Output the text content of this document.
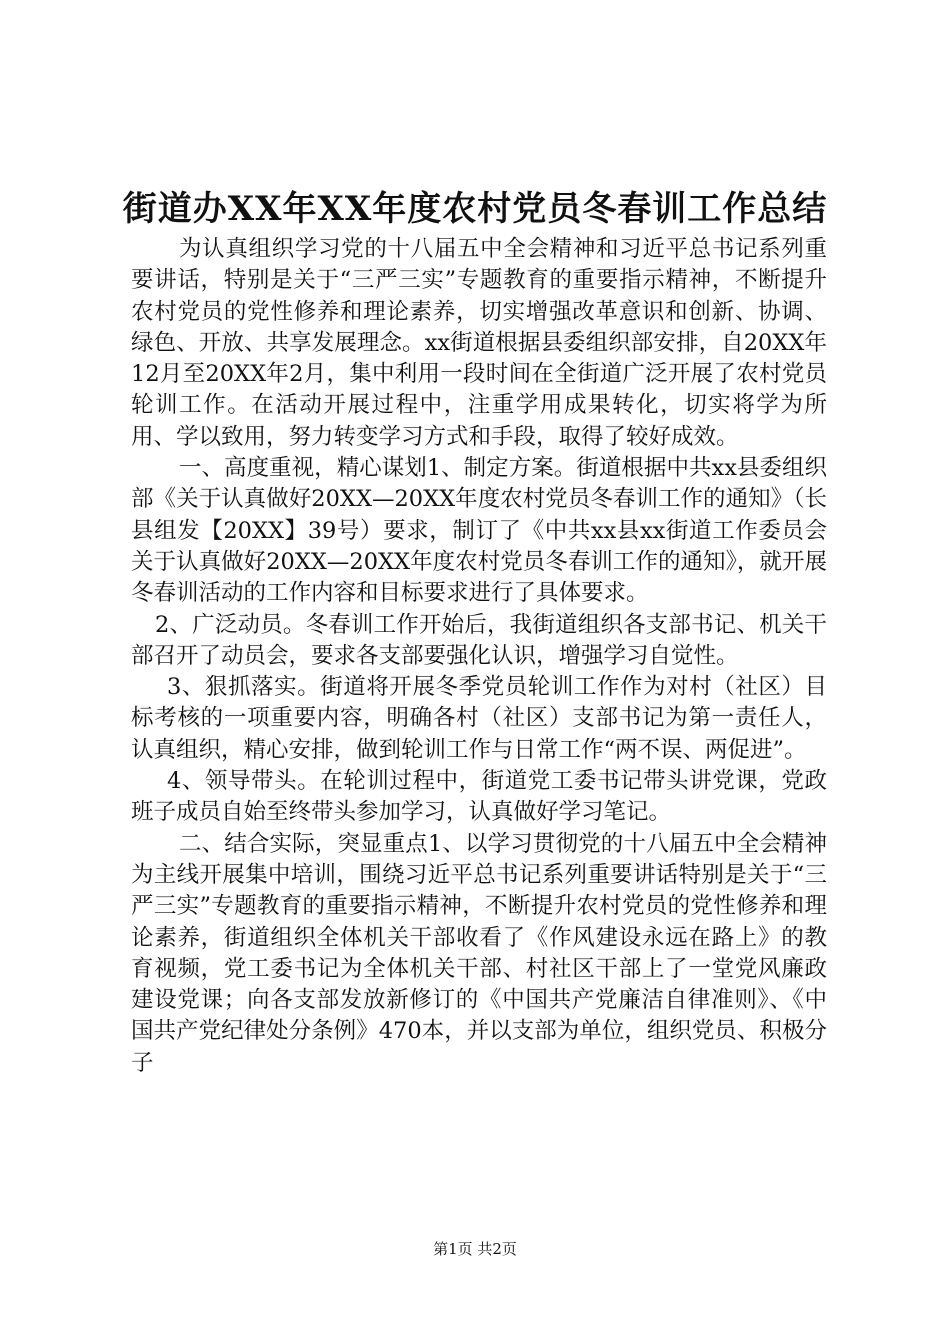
街道办XX年XX年度农村党员冬春训工作总结

为认真组织学习党的十八届五中全会精神和习近平总书记系列重要讲话，特别是关于“三严三实”专题教育的重要指示精神，不断提升农村党员的党性修养和理论素养，切实增强改革意识和创新、协调、绿色、开放、共享发展理念。xx街道根据县委组织部安排，自20XX年12月至20XX年2月，集中利用一段时间在全街道广泛开展了农村党员轮训工作。在活动开展过程中，注重学用成果转化，切实将学为所用、学以致用，努力转变学习方式和手段，取得了较好成效。

一、高度重视，精心谋划1、制定方案。街道根据中共xx县委组织部《关于认真做好20XX—20XX年度农村党员冬春训工作的通知》（长县组发【20XX】39号）要求，制订了《中共xx县xx街道工作委员会关于认真做好20XX—20XX年度农村党员冬春训工作的通知》，就开展冬春训活动的工作内容和目标要求进行了具体要求。

2、广泛动员。冬春训工作开始后，我街道组织各支部书记、机关干部召开了动员会，要求各支部要强化认识，增强学习自觉性。

3、狠抓落实。街道将开展冬季党员轮训工作作为对村（社区）目标考核的一项重要内容，明确各村（社区）支部书记为第一责任人，认真组织，精心安排，做到轮训工作与日常工作“两不误、两促进”。

4、领导带头。在轮训过程中，街道党工委书记带头讲党课，党政班子成员自始至终带头参加学习，认真做好学习笔记。

二、结合实际，突显重点1、以学习贯彻党的十八届五中全会精神为主线开展集中培训，围绕习近平总书记系列重要讲话特别是关于“三严三实”专题教育的重要指示精神，不断提升农村党员的党性修养和理论素养，街道组织全体机关干部收看了《作风建设永远在路上》的教育视频，党工委书记为全体机关干部、村社区干部上了一堂党风廉政建设党课；向各支部发放新修订的《中国共产党廉洁自律准则》、《中国共产党纪律处分条例》470本，并以支部为单位，组织党员、积极分子

第1页 共2页
